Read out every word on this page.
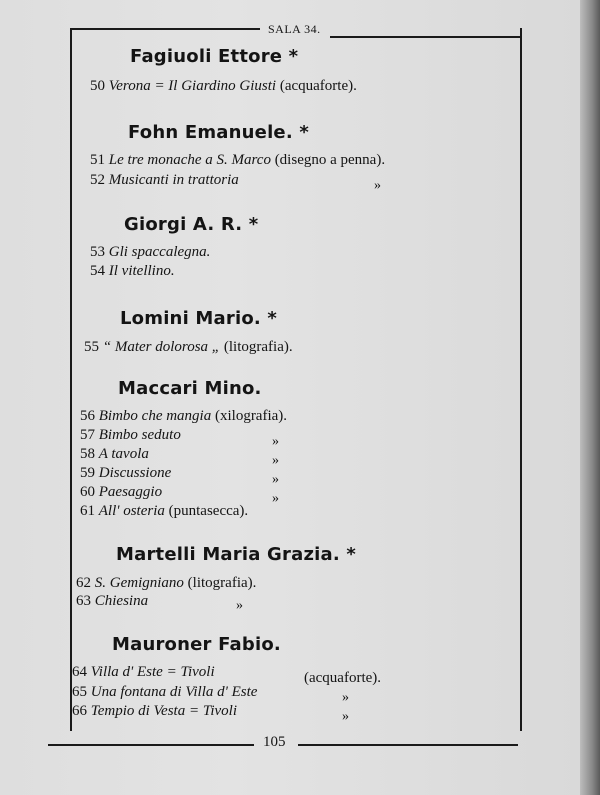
SALA 34.
105
Fagiuoli Ettore *
50 Verona = Il Giardino Giusti (acquaforte).
Fohn Emanuele. *
51 Le tre monache a S. Marco (disegno a penna).
52 Musicanti in trattoria	»
Giorgi A. R. *
53 Gli spaccalegna.
54 Il vitellino.
Lomini Mario. *
55 “ Mater dolorosa „ (litografia).
Maccari Mino.
56 Bimbo che mangia (xilografia).
57 Bimbo seduto	»
58 A tavola	»
59 Discussione	»
60 Paesaggio	»
61 All' osteria (puntasecca).
Martelli Maria Grazia. *
62 S. Gemigniano (litografia).
63 Chiesina	»
Mauroner Fabio.
64 Villa d' Este = Tivoli	(acquaforte).
65 Una fontana di Villa d' Este	»
66 Tempio di Vesta = Tivoli	»
